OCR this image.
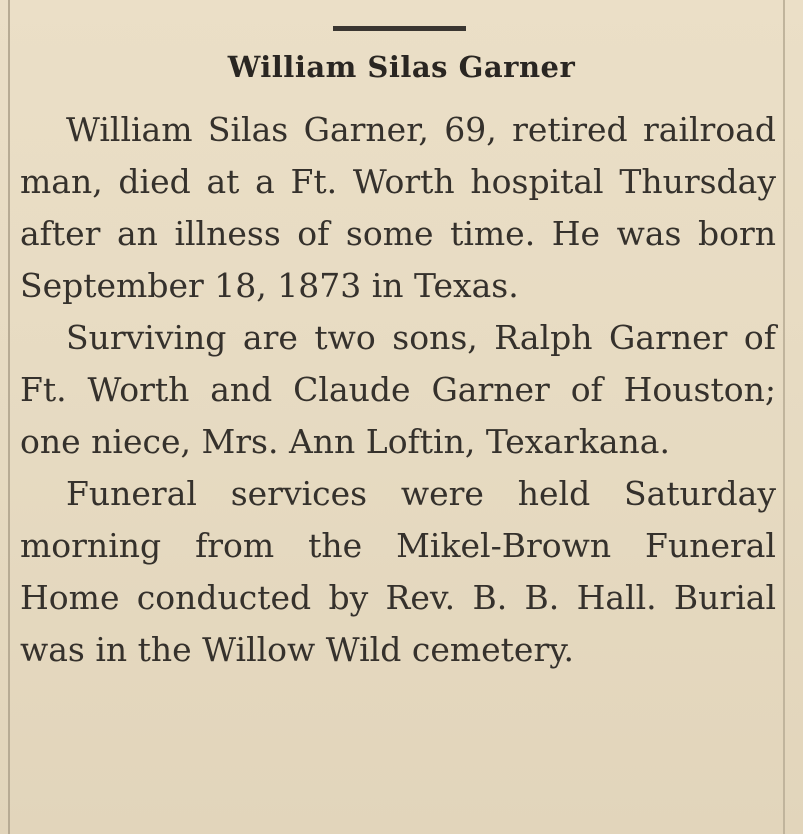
William Silas Garner

William Silas Garner, 69, retired railroad man, died at a Ft. Worth hospital Thursday after an illness of some time. He was born September 18, 1873 in Texas.

Surviving are two sons, Ralph Garner of Ft. Worth and Claude Garner of Houston; one niece, Mrs. Ann Loftin, Texarkana.

Funeral services were held Saturday morning from the Mikel-Brown Funeral Home conducted by Rev. B. B. Hall. Burial was in the Willow Wild cemetery.
